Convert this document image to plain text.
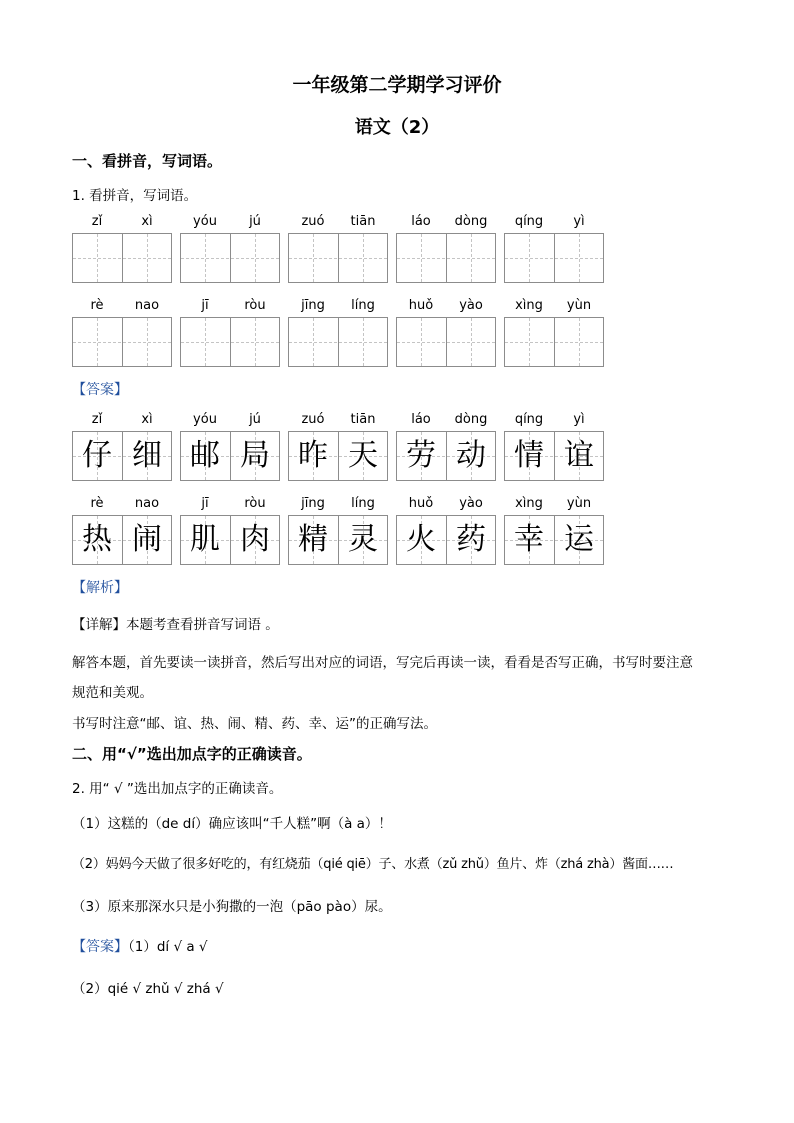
一年级第二学期学习评价
语文（2）
一、看拼音，写词语。
1. 看拼音，写词语。
zǐ	xì	yóu	jú	zuó	tiān	láo	dòng	qíng	yì
rè	nao	jī	ròu	jīng	líng	huǒ	yào	xìng	yùn
【答案】
zǐ	xì
仔 细
yóu	jú
邮 局
zuó	tiān
昨 天
láo	dòng
劳 动
qíng	yì
情 谊
rè	nao
热 闹
jī	ròu
肌 肉
jīng	líng
精 灵
huǒ	yào
火 药
xìng	yùn
幸 运
【解析】
【详解】本题考查看拼音写词语 。
解答本题，首先要读一读拼音，然后写出对应的词语，写完后再读一读，看看是否写正确，书写时要注意
规范和美观。
书写时注意“邮、谊、热、闹、精、药、幸、运”的正确写法。
二、用“√”选出加点字的正确读音。
2. 用“ √ ”选出加点字的正确读音。
（1）这糕的（de dí）确应该叫“千人糕”啊（à a）！
（2）妈妈今天做了很多好吃的，有红烧茄（qié qiē）子、水煮（zǔ zhǔ）鱼片、炸（zhá zhà）酱面……
（3）原来那深水只是小狗撒的一泡（pāo pào）尿。
【答案】（1）dí √ a √
（2）qié √ zhǔ √ zhá √
